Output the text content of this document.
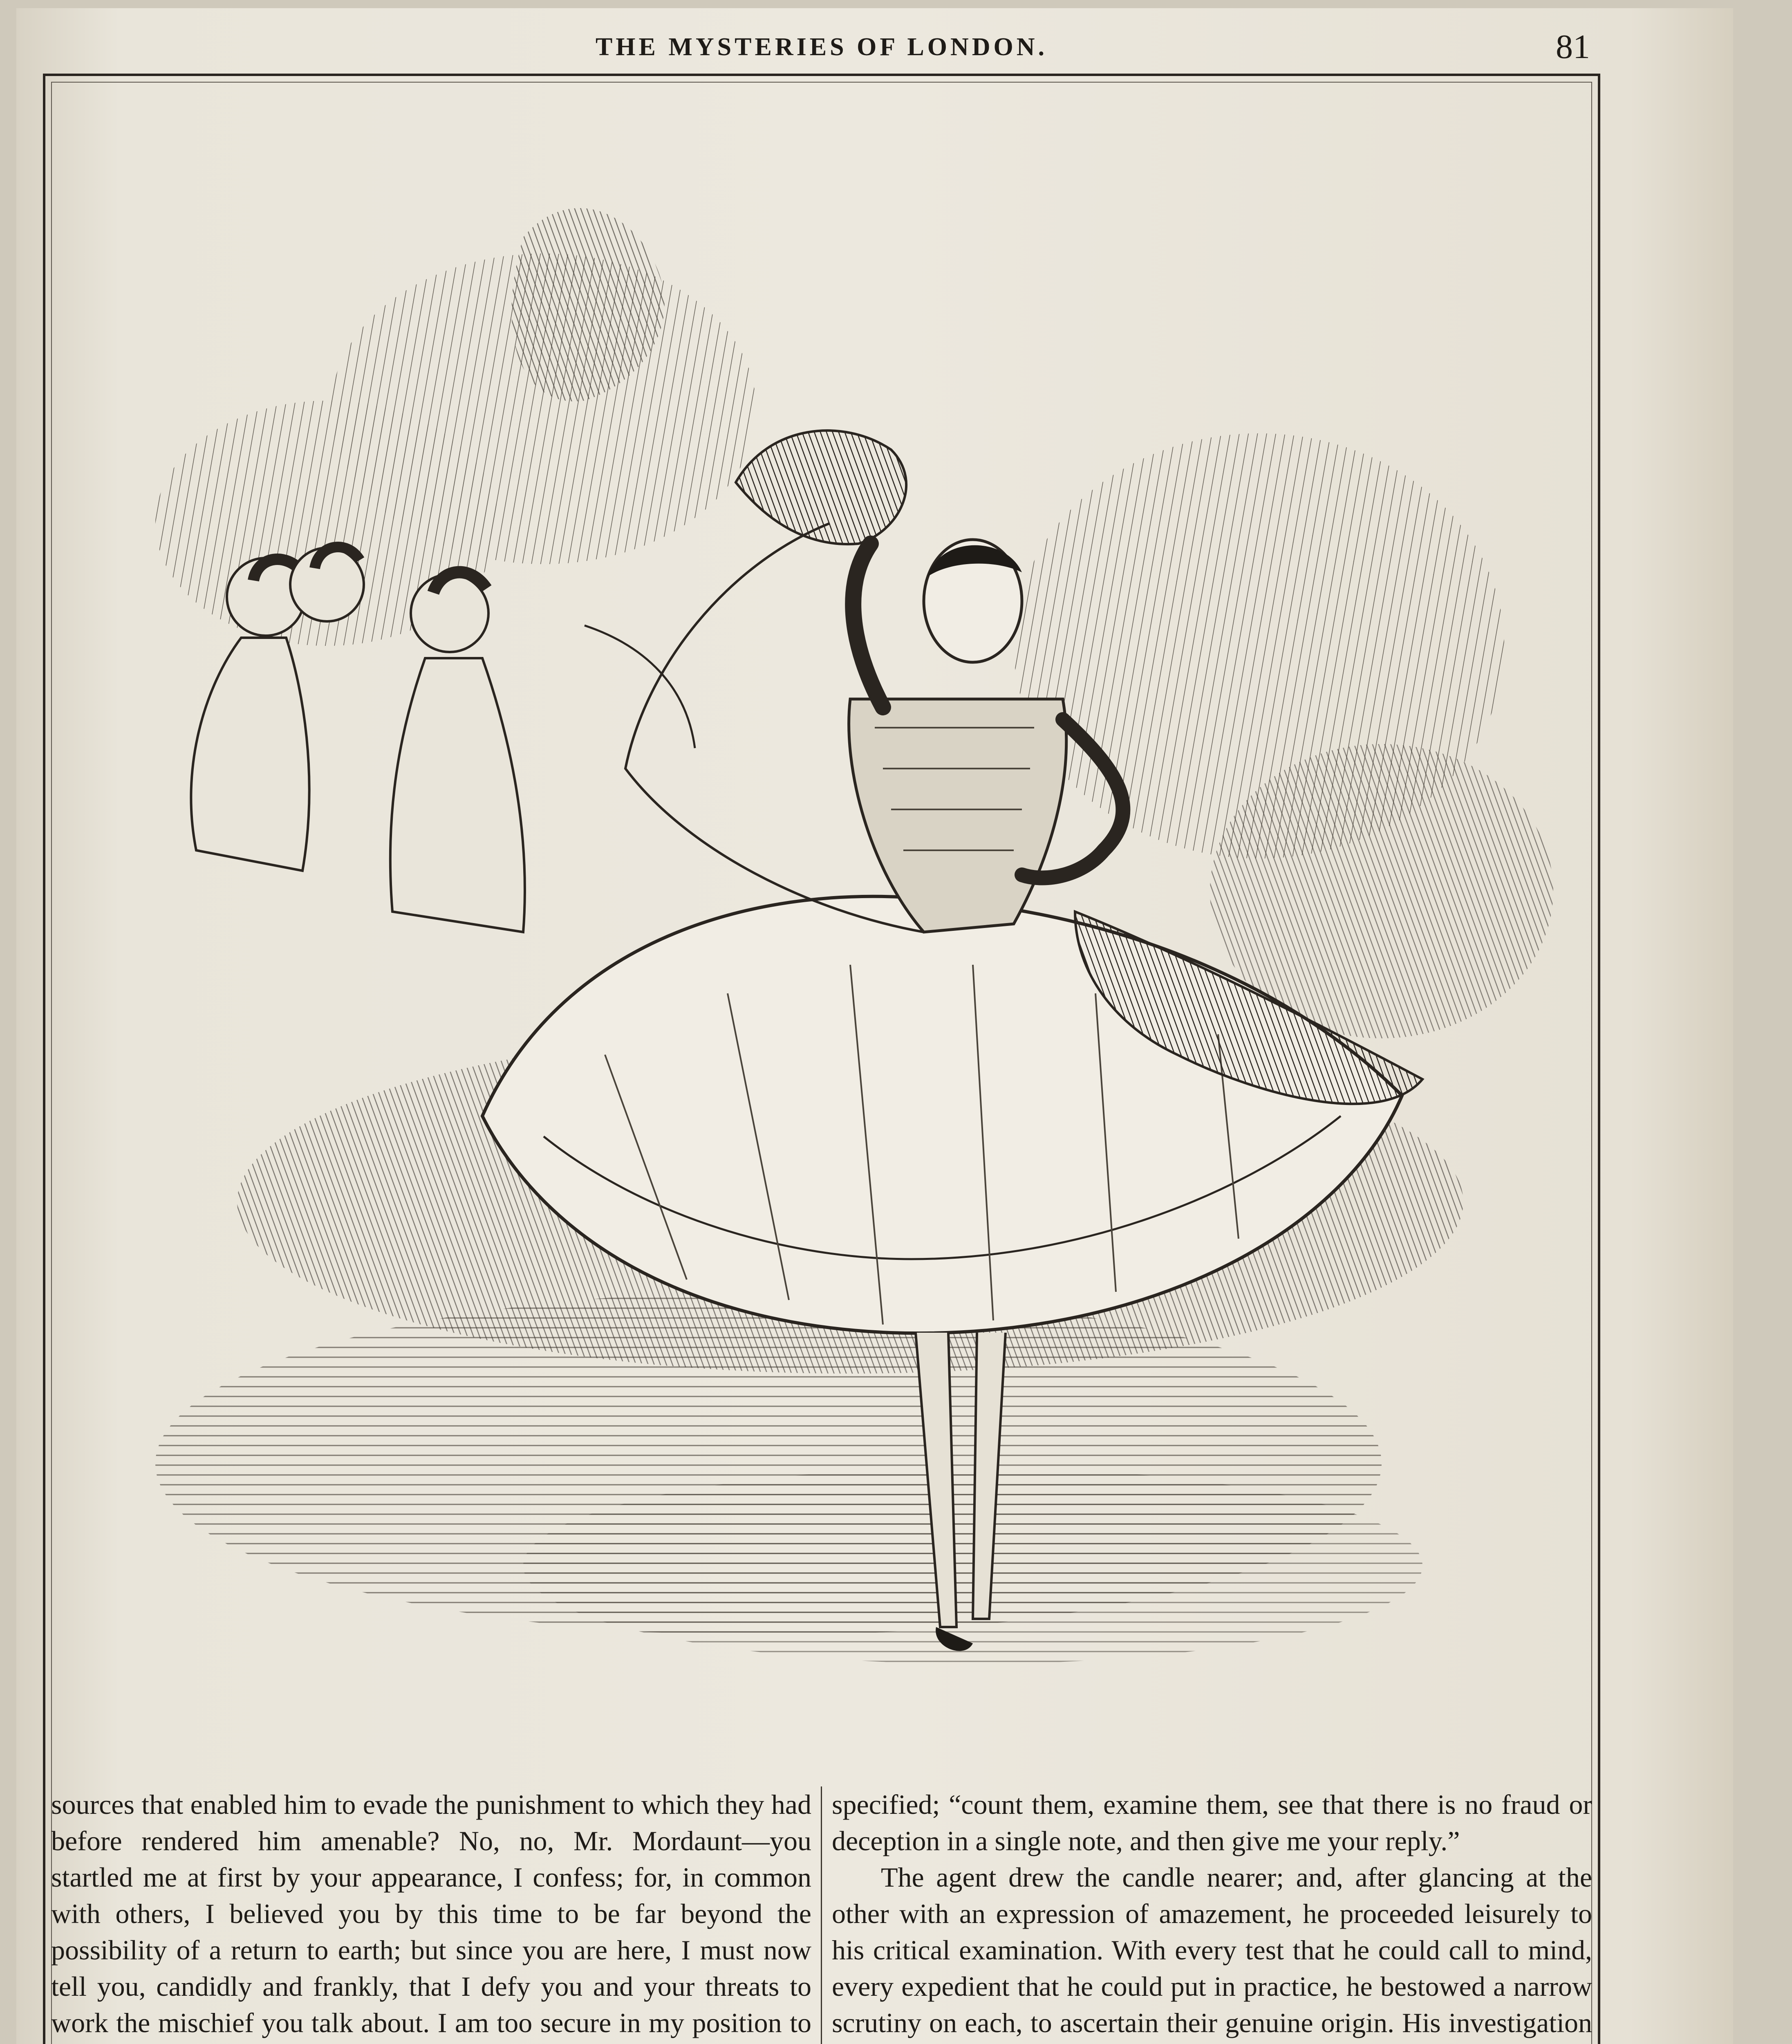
THE MYSTERIES OF LONDON.	81

sources that enabled him to evade the punishment to which they had before rendered him amenable? No, no, Mr. Mordaunt—you startled me at first by your appearance, I confess; for, in common with others, I believed you by this time to be far beyond the possibility of a return to earth; but since you are here, I must now tell you, candidly and frankly, that I defy you and your threats to work the mischief you talk about. I am too secure in my position to

specified; “count them, examine them, see that there is no fraud or deception in a single note, and then give me your reply.”

The agent drew the candle nearer; and, after glancing at the other with an expression of amazement, he proceeded leisurely to his critical examination. With every test that he could call to mind, every expedient that he could put in practice, he bestowed a narrow scrutiny on each, to ascertain their genuine origin. His investigation
